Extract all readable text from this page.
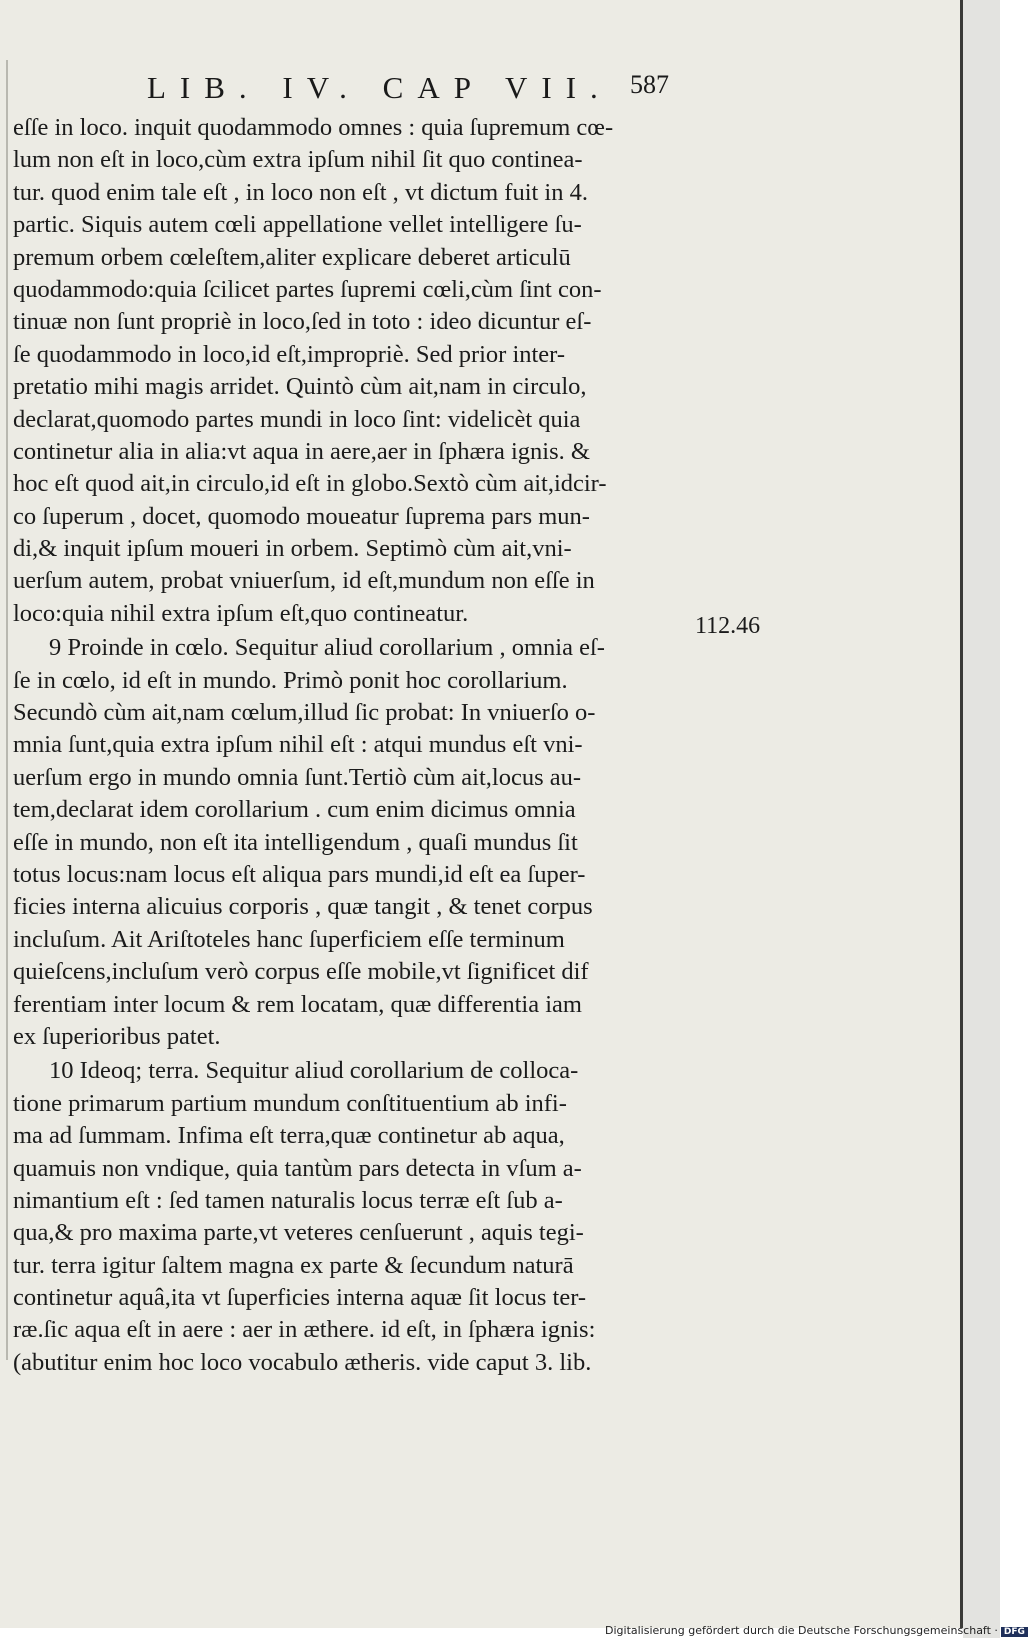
LIB. IV. CAP VII. 587
eſſe in loco. inquit quodammodo omnes : quia ſupremum cœ-
lum non eſt in loco,cùm extra ipſum nihil ſit quo continea-
tur. quod enim tale eſt , in loco non eſt , vt dictum fuit in 4.
partic. Siquis autem cœli appellatione vellet intelligere ſu-
premum orbem cœleſtem,aliter explicare deberet articulū
quodammodo:quia ſcilicet partes ſupremi cœli,cùm ſint con-
tinuæ non ſunt propriè in loco,ſed in toto : ideo dicuntur eſ-
ſe quodammodo in loco,id eſt,impropriè. Sed prior inter-
pretatio mihi magis arridet. Quintò cùm ait,nam in circulo,
declarat,quomodo partes mundi in loco ſint: videlicèt quia
continetur alia in alia:vt aqua in aere,aer in ſphæra ignis. &
hoc eſt quod ait,in circulo,id eſt in globo.Sextò cùm ait,idcir-
co ſuperum , docet, quomodo moueatur ſuprema pars mun-
di,& inquit ipſum moueri in orbem. Septimò cùm ait,vni-
uerſum autem, probat vniuerſum, id eſt,mundum non eſſe in
loco:quia nihil extra ipſum eſt,quo contineatur.
9 Proinde in cœlo. Sequitur aliud corollarium , omnia eſ-
ſe in cœlo, id eſt in mundo. Primò ponit hoc corollarium.
Secundò cùm ait,nam cœlum,illud ſic probat: In vniuerſo o-
mnia ſunt,quia extra ipſum nihil eſt : atqui mundus eſt vni-
uerſum ergo in mundo omnia ſunt.Tertiò cùm ait,locus au-
tem,declarat idem corollarium . cum enim dicimus omnia
eſſe in mundo, non eſt ita intelligendum , quaſi mundus ſit
totus locus:nam locus eſt aliqua pars mundi,id eſt ea ſuper-
ficies interna alicuius corporis , quæ tangit , & tenet corpus
incluſum. Ait Ariſtoteles hanc ſuperficiem eſſe terminum
quieſcens,incluſum verò corpus eſſe mobile,vt ſignificet dif
ferentiam inter locum & rem locatam, quæ differentia iam
ex ſuperioribus patet.
10 Ideoq; terra. Sequitur aliud corollarium de colloca-
tione primarum partium mundum conſtituentium ab infi-
ma ad ſummam. Infima eſt terra,quæ continetur ab aqua,
quamuis non vndique, quia tantùm pars detecta in vſum a-
nimantium eſt : ſed tamen naturalis locus terræ eſt ſub a-
qua,& pro maxima parte,vt veteres cenſuerunt , aquis tegi-
tur. terra igitur ſaltem magna ex parte & ſecundum naturā
continetur aquâ,ita vt ſuperficies interna aquæ ſit locus ter-
ræ.ſic aqua eſt in aere : aer in æthere. id eſt, in ſphæra ignis:
(abutitur enim hoc loco vocabulo ætheris. vide caput 3. lib.
112.46
Digitalisierung gefördert durch die Deutsche Forschungsgemeinschaft · DFG
